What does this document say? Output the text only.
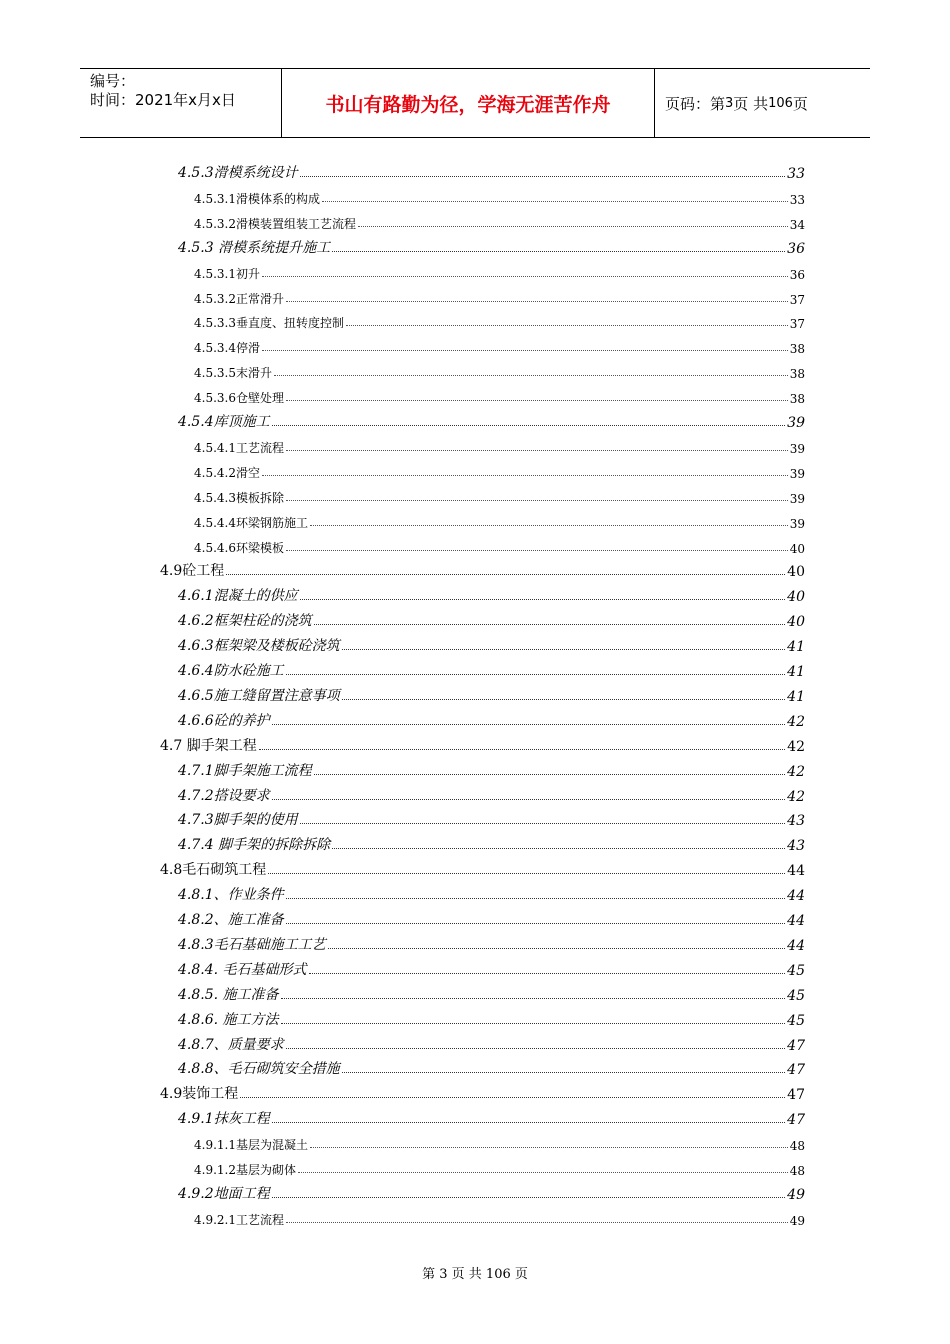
编号：
时间：2021年x月x日	书山有路勤为径，学海无涯苦作舟	页码：第 3 页 共 106 页
4.5.3滑模系统设计	33
4.5.3.1滑模体系的构成	33
4.5.3.2滑模装置组装工艺流程	34
4.5.3 滑模系统提升施工	36
4.5.3.1初升	36
4.5.3.2正常滑升	37
4.5.3.3垂直度、扭转度控制	37
4.5.3.4停滑	38
4.5.3.5末滑升	38
4.5.3.6仓壁处理	38
4.5.4库顶施工	39
4.5.4.1工艺流程	39
4.5.4.2滑空	39
4.5.4.3模板拆除	39
4.5.4.4环梁钢筋施工	39
4.5.4.6环梁模板	40
4.9砼工程	40
4.6.1混凝土的供应	40
4.6.2框架柱砼的浇筑	40
4.6.3框架梁及楼板砼浇筑	41
4.6.4防水砼施工	41
4.6.5施工缝留置注意事项	41
4.6.6砼的养护	42
4.7 脚手架工程	42
4.7.1脚手架施工流程	42
4.7.2搭设要求	42
4.7.3脚手架的使用	43
4.7.4 脚手架的拆除拆除	43
4.8毛石砌筑工程	44
4.8.1、作业条件	44
4.8.2、施工准备	44
4.8.3毛石基础施工工艺	44
4.8.4. 毛石基础形式	45
4.8.5. 施工准备	45
4.8.6. 施工方法	45
4.8.7、质量要求	47
4.8.8、毛石砌筑安全措施	47
4.9装饰工程	47
4.9.1抹灰工程	47
4.9.1.1基层为混凝土	48
4.9.1.2基层为砌体	48
4.9.2地面工程	49
4.9.2.1工艺流程	49
第 3 页 共 106 页
